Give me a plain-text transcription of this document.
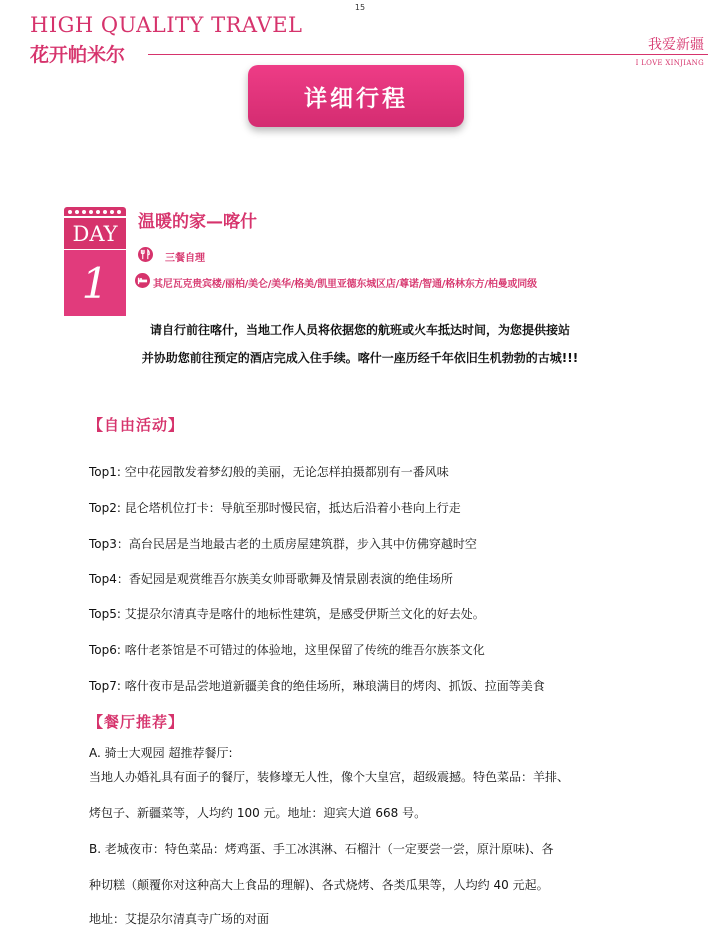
15
HIGH QUALITY TRAVEL
花开帕米尔	我爱新疆
I LOVE XINJIANG
详细行程
DAY
1
温暖的家—喀什
三餐自理
其尼瓦克贵宾楼/丽柏/美仑/美华/格美/凯里亚德东城区店/尊诺/智通/格林东方/柏曼或同级
请自行前往喀什，当地工作人员将依据您的航班或火车抵达时间，为您提供接站
并协助您前往预定的酒店完成入住手续。喀什一座历经千年依旧生机勃勃的古城!!!
【自由活动】
Top1: 空中花园散发着梦幻般的美丽，无论怎样拍摄都别有一番风味
Top2: 昆仑塔机位打卡：导航至那时慢民宿，抵达后沿着小巷向上行走
Top3：高台民居是当地最古老的土质房屋建筑群，步入其中仿佛穿越时空
Top4：香妃园是观赏维吾尔族美女帅哥歌舞及情景剧表演的绝佳场所
Top5: 艾提尕尔清真寺是喀什的地标性建筑，是感受伊斯兰文化的好去处。
Top6: 喀什老茶馆是不可错过的体验地，这里保留了传统的维吾尔族茶文化
Top7: 喀什夜市是品尝地道新疆美食的绝佳场所，琳琅满目的烤肉、抓饭、拉面等美食
【餐厅推荐】
A. 骑士大观园 超推荐餐厅:
当地人办婚礼具有面子的餐厅，装修壕无人性，像个大皇宫，超级震撼。特色菜品：羊排、
烤包子、新疆菜等，人均约 100 元。地址：迎宾大道 668 号。
B. 老城夜市：特色菜品：烤鸡蛋、手工冰淇淋、石榴汁（一定要尝一尝，原汁原味)、各
种切糕（颠覆你对这种高大上食品的理解)、各式烧烤、各类瓜果等，人均约 40 元起。
地址：艾提尕尔清真寺广场的对面
